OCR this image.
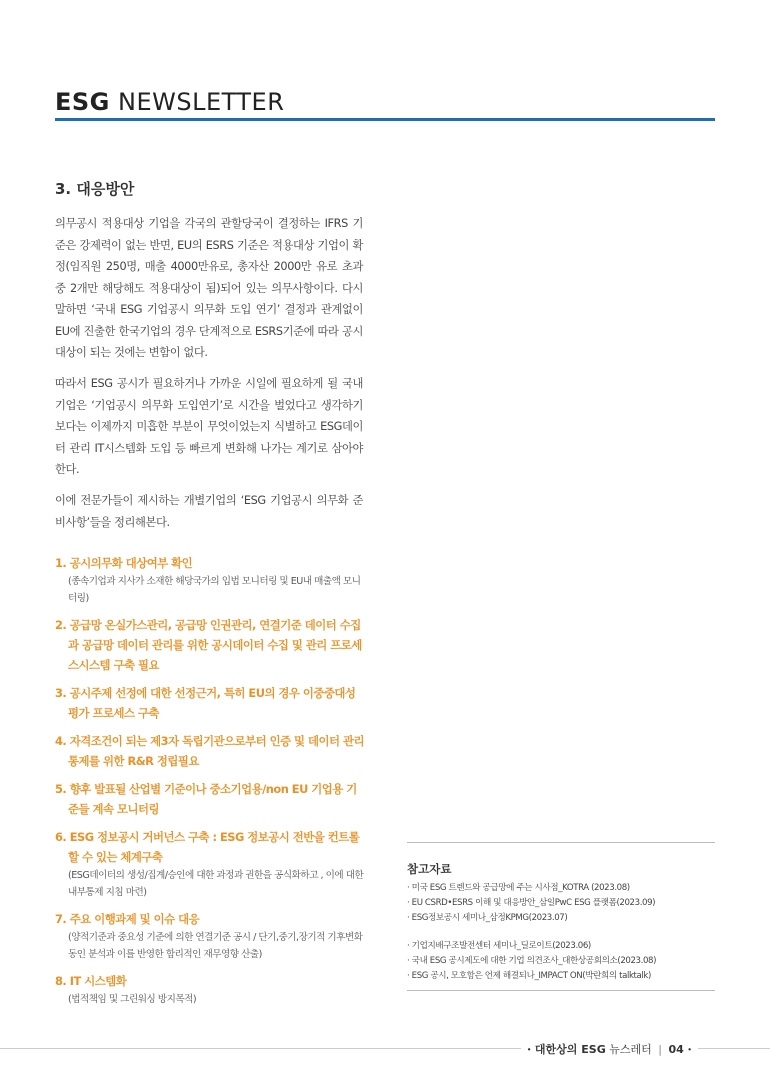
ESG NEWSLETTER
3. 대응방안
의무공시 적용대상 기업을 각국의 관할당국이 결정하는 IFRS 기준은 강제력이 없는 반면, EU의 ESRS 기준은 적용대상 기업이 확정(임직원 250명, 매출 4000만유로, 총자산 2000만 유로 초과 중 2개만 해당해도 적용대상이 됨)되어 있는 의무사항이다. 다시말하면 ‘국내 ESG 기업공시 의무화 도입 연기’ 결정과 관계없이 EU에 진출한 한국기업의 경우 단계적으로 ESRS기준에 따라 공시 대상이 되는 것에는 변함이 없다.
따라서 ESG 공시가 필요하거나 가까운 시일에 필요하게 될 국내 기업은 ‘기업공시 의무화 도입연기’로 시간을 벌었다고 생각하기 보다는 이제까지 미흡한 부분이 무엇이었는지 식별하고 ESG데이터 관리 IT시스템화 도입 등 빠르게 변화해 나가는 계기로 삼아야 한다.
이에 전문가들이 제시하는 개별기업의 ‘ESG 기업공시 의무화 준비사항’들을 정리해본다.
1. 공시의무화 대상여부 확인
(종속기업과 지사가 소재한 해당국가의 입법 모니터링 및 EU내 매출액 모니터링)
2. 공급망 온실가스관리, 공급망 인권관리, 연결기준 데이터 수집과 공급망 데이터 관리를 위한 공시데이터 수집 및 관리 프로세스시스템 구축 필요
3. 공시주제 선정에 대한 선정근거, 특히 EU의 경우 이중중대성 평가 프로세스 구축
4. 자격조건이 되는 제3자 독립기관으로부터 인증 및 데이터 관리 통제를 위한 R&R 정립필요
5. 향후 발표될 산업별 기준이나 중소기업용/non EU 기업용 기준들 계속 모니터링
6. ESG 정보공시 거버넌스 구축 : ESG 정보공시 전반을 컨트롤 할 수 있는 체계구축
(ESG데이터의 생성/집계/승인에 대한 과정과 권한을 공식화하고 , 이에 대한 내부통제 지침 마련)
7. 주요 이행과제 및 이슈 대응
(양적기준과 중요성 기준에 의한 연결기준 공시 / 단기,중기,장기적 기후변화 동인 분석과 이를 반영한 합리적인 재무영향 산출)
8. IT 시스템화
(법적책임 및 그린워싱 방지목적)
참고자료
· 미국 ESG 트렌드와 공급망에 주는 시사점_KOTRA (2023.08)
· EU CSRD•ESRS 이해 및 대응방안_삼일PwC ESG 플랫폼(2023.09)
· ESG정보공시 세미나_삼정KPMG(2023.07)
· 기업지배구조발전센터 세미나_딜로이트(2023.06)
· 국내 ESG 공시제도에 대한 기업 의견조사_대한상공회의소(2023.08)
· ESG 공시, 모호함은 언제 해결되나_IMPACT ON(박란희의 talktalk)
• 대한상의 ESG 뉴스레터 | 04 •
